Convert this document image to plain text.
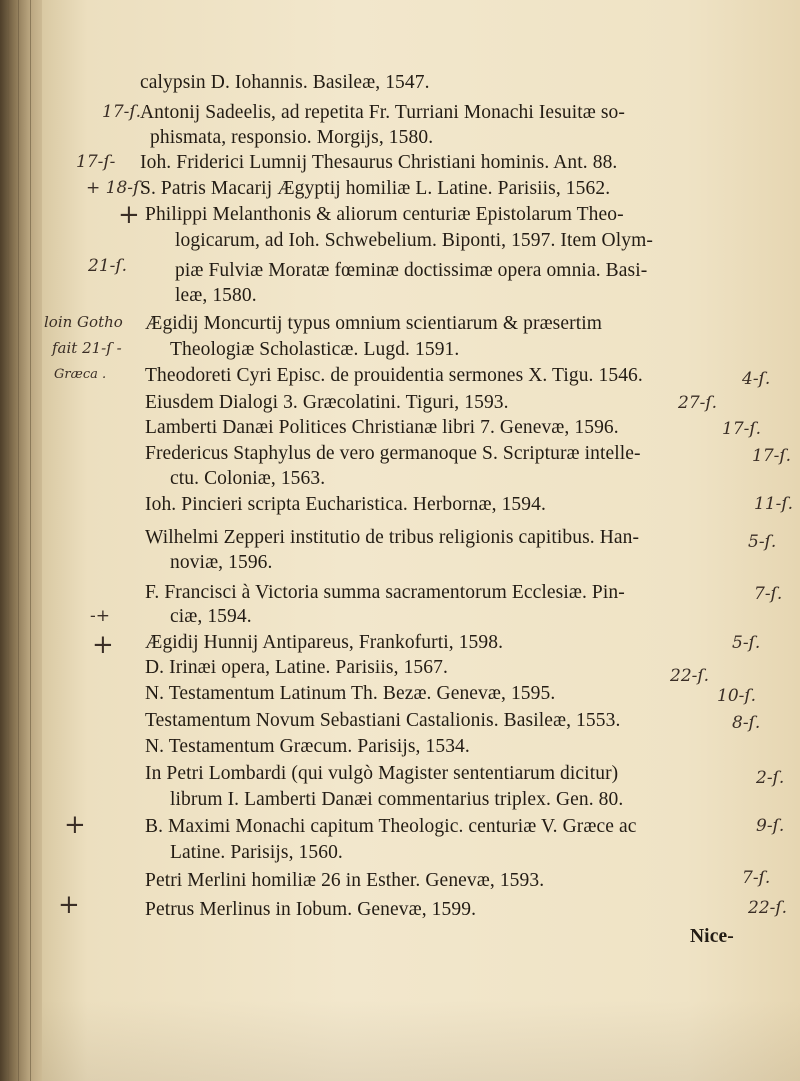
calypsin D. Iohannis. Basileæ, 1547.
Antonij Sadeelis, ad repetita Fr. Turriani Monachi Iesuitæ so-
phismata, responsio. Morgijs, 1580.
Ioh. Friderici Lumnij Thesaurus Christiani hominis. Ant. 88.
S. Patris Macarij Ægyptij homiliæ L. Latine. Parisiis, 1562.
Philippi Melanthonis & aliorum centuriæ Epistolarum Theo-
logicarum, ad Ioh. Schwebelium. Biponti, 1597. Item Olym-
piæ Fulviæ Moratæ fœminæ doctissimæ opera omnia. Basi-
leæ, 1580.
Ægidij Moncurtij typus omnium scientiarum & præsertim
Theologiæ Scholasticæ. Lugd. 1591.
Theodoreti Cyri Episc. de prouidentia sermones X. Tigu. 1546.
Eiusdem Dialogi 3. Græcolatini. Tiguri, 1593.
Lamberti Danæi Politices Christianæ libri 7. Genevæ, 1596.
Fredericus Staphylus de vero germanoque S. Scripturæ intelle-
ctu. Coloniæ, 1563.
Ioh. Pincieri scripta Eucharistica. Herbornæ, 1594.
Wilhelmi Zepperi institutio de tribus religionis capitibus. Han-
noviæ, 1596.
F. Francisci à Victoria summa sacramentorum Ecclesiæ. Pin-
ciæ, 1594.
Ægidij Hunnij Antipareus, Frankofurti, 1598.
D. Irinæi opera, Latine. Parisiis, 1567.
N. Testamentum Latinum Th. Bezæ. Genevæ, 1595.
Testamentum Novum Sebastiani Castalionis. Basileæ, 1553.
N. Testamentum Græcum. Parisijs, 1534.
In Petri Lombardi (qui vulgò Magister sententiarum dicitur)
librum I. Lamberti Danæi commentarius triplex. Gen. 80.
B. Maximi Monachi capitum Theologic. centuriæ V. Græce ac
Latine. Parisijs, 1560.
Petri Merlini homiliæ 26 in Esther. Genevæ, 1593.
Petrus Merlinus in Iobum. Genevæ, 1599.
Nice-
17-ſ.
17-ſ-
+ 18-ſ.
+
21-ſ.
loin Gotho
fait 21-ſ -
Græca .
+
+
+
4-ſ.
27-ſ.
17-ſ.
17-ſ.
11-ſ.
5-ſ.
7-ſ.
-+
5-ſ.
22-ſ.
10-ſ.
8-ſ.
2-ſ.
9-ſ.
7-ſ.
22-ſ.
